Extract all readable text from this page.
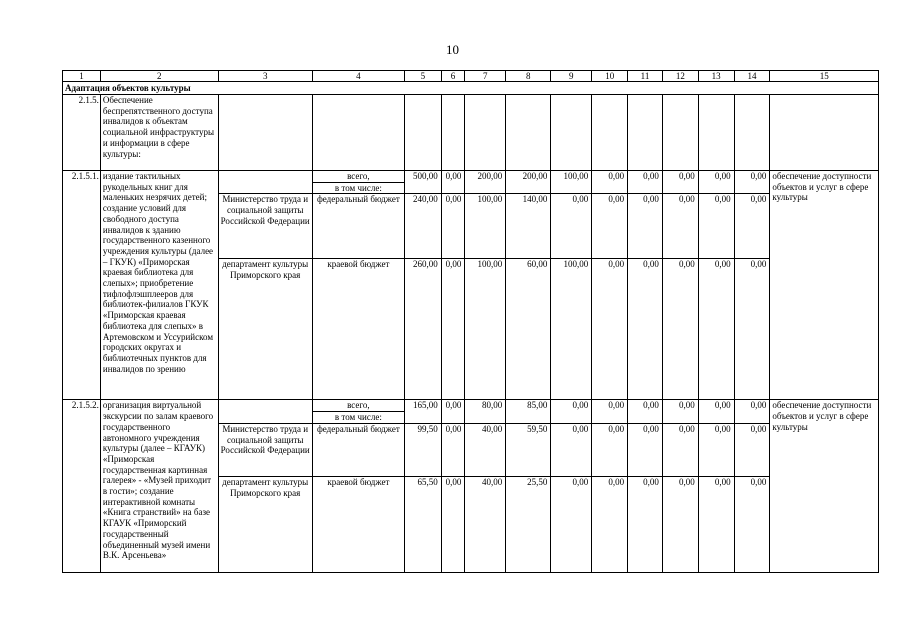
10
1	2	3	4	5	6	7	8	9	10	11	12	13	14	15
Адаптация объектов культуры														
2.1.5.	Обеспечение беспрепятственного доступа инвалидов к объектам социальной инфраструктуры и информации в сфере культуры:													
2.1.5.1.	издание тактильных рукодельных книг для маленьких незрячих детей; создание условий для свободного доступа инвалидов к зданию государственного казенного учреждения культуры (далее – ГКУК) «Приморская краевая библиотека для слепых»; приобретение тифлофлэшплееров для библиотек-филиалов ГКУК «Приморская краевая библиотека для слепых» в Артемовском и Уссурийском городских округах и библиотечных пунктов для инвалидов по зрению		всего,	500,00	0,00	200,00	200,00	100,00	0,00	0,00	0,00	0,00	0,00	обеспечение доступности объектов и услуг в сфере культуры
			в том числе:											
		Министерство труда и социальной защиты Российской Федерации	федеральный бюджет	240,00	0,00	100,00	140,00	0,00	0,00	0,00	0,00	0,00	0,00	
		департамент культуры Приморского края	краевой бюджет	260,00	0,00	100,00	60,00	100,00	0,00	0,00	0,00	0,00	0,00	
2.1.5.2.	организация виртуальной экскурсии по залам краевого государственного автономного учреждения культуры (далее – КГАУК) «Приморская государственная картинная галерея» - «Музей приходит в гости»; создание интерактивной комнаты «Книга странствий» на базе КГАУК «Приморский государственный объединенный музей имени В.К. Арсеньева»		всего,	165,00	0,00	80,00	85,00	0,00	0,00	0,00	0,00	0,00	0,00	обеспечение доступности объектов и услуг в сфере культуры
			в том числе:											
		Министерство труда и социальной защиты Российской Федерации	федеральный бюджет	99,50	0,00	40,00	59,50	0,00	0,00	0,00	0,00	0,00	0,00	
		департамент культуры Приморского края	краевой бюджет	65,50	0,00	40,00	25,50	0,00	0,00	0,00	0,00	0,00	0,00	
